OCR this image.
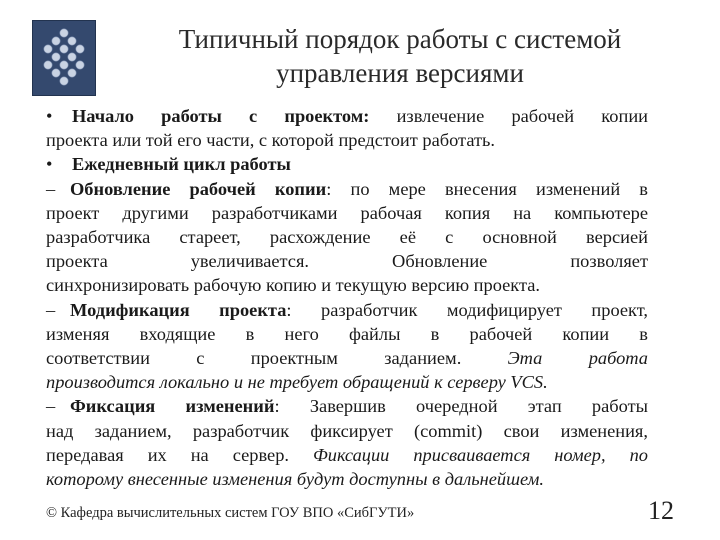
Типичный порядок работы с системой
управления версиями
• Начало работы с проектом: извлечение рабочей копии
проекта или той его части, с которой предстоит работать.
• Ежедневный цикл работы
– Обновление рабочей копии: по мере внесения изменений в
проект другими разработчиками рабочая копия на компьютере
разработчика стареет, расхождение её с основной версией
проекта увеличивается. Обновление позволяет
синхронизировать рабочую копию и текущую версию проекта.
– Модификация проекта: разработчик модифицирует проект,
изменяя входящие в него файлы в рабочей копии в
соответствии с проектным заданием. Эта работа
производится локально и не требует обращений к серверу VCS.
– Фиксация изменений: Завершив очередной этап работы
над заданием, разработчик фиксирует (commit) свои изменения,
передавая их на сервер. Фиксации присваивается номер, по
которому внесенные изменения будут доступны в дальнейшем.
© Кафедра вычислительных систем ГОУ ВПО «СибГУТИ»	12
